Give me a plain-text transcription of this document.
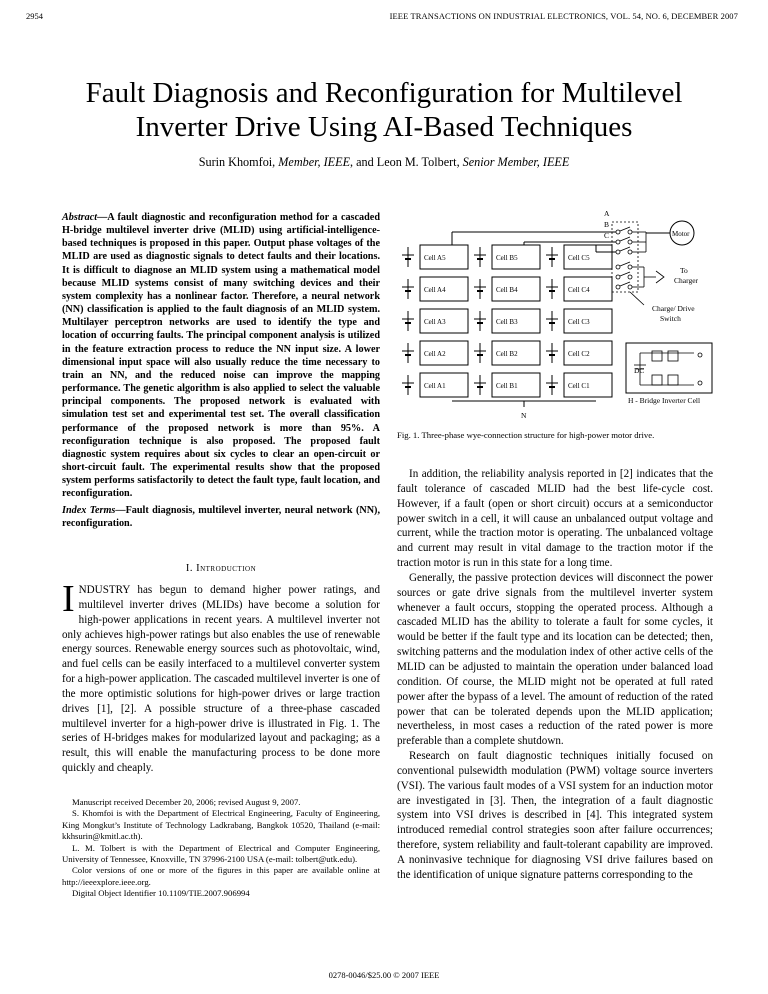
2954	IEEE TRANSACTIONS ON INDUSTRIAL ELECTRONICS, VOL. 54, NO. 6, DECEMBER 2007
Fault Diagnosis and Reconfiguration for Multilevel
Inverter Drive Using AI-Based Techniques
Surin Khomfoi, Member, IEEE, and Leon M. Tolbert, Senior Member, IEEE
Abstract—A fault diagnostic and reconfiguration method for a cascaded H-bridge multilevel inverter drive (MLID) using artificial-intelligence-based techniques is proposed in this paper. Output phase voltages of the MLID are used as diagnostic signals to detect faults and their locations. It is difficult to diagnose an MLID system using a mathematical model because MLID systems consist of many switching devices and their system complexity has a nonlinear factor. Therefore, a neural network (NN) classification is applied to the fault diagnosis of an MLID system. Multilayer perceptron networks are used to identify the type and location of occurring faults. The principal component analysis is utilized in the feature extraction process to reduce the NN input size. A lower dimensional input space will also usually reduce the time necessary to train an NN, and the reduced noise can improve the mapping performance. The genetic algorithm is also applied to select the valuable principal components. The proposed network is evaluated with simulation test set and experimental test set. The overall classification performance of the proposed network is more than 95%. A reconfiguration technique is also proposed. The proposed fault diagnostic system requires about six cycles to clear an open-circuit or short-circuit fault. The experimental results show that the proposed system performs satisfactorily to detect the fault type, fault location, and reconfiguration.
Index Terms—Fault diagnosis, multilevel inverter, neural network (NN), reconfiguration.
I. Introduction
INDUSTRY has begun to demand higher power ratings, and multilevel inverter drives (MLIDs) have become a solution for high-power applications in recent years. A multilevel inverter not only achieves high-power ratings but also enables the use of renewable energy sources. Renewable energy sources such as photovoltaic, wind, and fuel cells can be easily interfaced to a multilevel converter system for a high-power application. The cascaded multilevel inverter is one of the more optimistic solutions for high-power drives or large traction drives [1], [2]. A possible structure of a three-phase cascaded multilevel inverter for a high-power drive is illustrated in Fig. 1. The series of H-bridges makes for modularized layout and packaging; as a result, this will enable the manufacturing process to be done more quickly and cheaply.

Manuscript received December 20, 2006; revised August 9, 2007.

S. Khomfoi is with the Department of Electrical Engineering, Faculty of Engineering, King Mongkut’s Institute of Technology Ladkrabang, Bangkok 10520, Thailand (e-mail: kkhsurin@kmitl.ac.th).

L. M. Tolbert is with the Department of Electrical and Computer Engineering, University of Tennessee, Knoxville, TN 37996-2100 USA (e-mail: tolbert@utk.edu).

Color versions of one or more of the figures in this paper are available online at http://ieeexplore.ieee.org.

Digital Object Identifier 10.1109/TIE.2007.906994

Cell A5	Cell B5	Cell C5
Cell A4	Cell B4	Cell C4
Cell A3	Cell B3	Cell C3
Cell A2	Cell B2	Cell C2
Cell A1	Cell B1	Cell C1
A
B
C
N
Motor
To
Charger
Charge/ Drive
Switch
DC
H - Bridge Inverter Cell
Fig. 1. Three-phase wye-connection structure for high-power motor drive.

In addition, the reliability analysis reported in [2] indicates that the fault tolerance of cascaded MLID had the best life-cycle cost. However, if a fault (open or short circuit) occurs at a semiconductor power switch in a cell, it will cause an unbalanced output voltage and current, while the traction motor is operating. The unbalanced voltage and current may result in vital damage to the traction motor if the traction motor is run in this state for a long time.

Generally, the passive protection devices will disconnect the power sources or gate drive signals from the multilevel inverter system whenever a fault occurs, stopping the operated process. Although a cascaded MLID has the ability to tolerate a fault for some cycles, it would be better if the fault type and its location can be detected; then, switching patterns and the modulation index of other active cells of the MLID can be adjusted to maintain the operation under balanced load condition. Of course, the MLID might not be operated at full rated power after the bypass of a level. The amount of reduction of the rated power that can be tolerated depends upon the MLID application; nevertheless, in most cases a reduction of the rated power is more preferable than a complete shutdown.

Research on fault diagnostic techniques initially focused on conventional pulsewidth modulation (PWM) voltage source inverters (VSI). The various fault modes of a VSI system for an induction motor are investigated in [3]. Then, the integration of a fault diagnostic system into VSI drives is described in [4]. This integrated system introduced remedial control strategies soon after failure occurrences; therefore, system reliability and fault-tolerant capability are improved. A noninvasive technique for diagnosing VSI drive failures based on the identification of unique signature patterns corresponding to the

0278-0046/$25.00 © 2007 IEEE
